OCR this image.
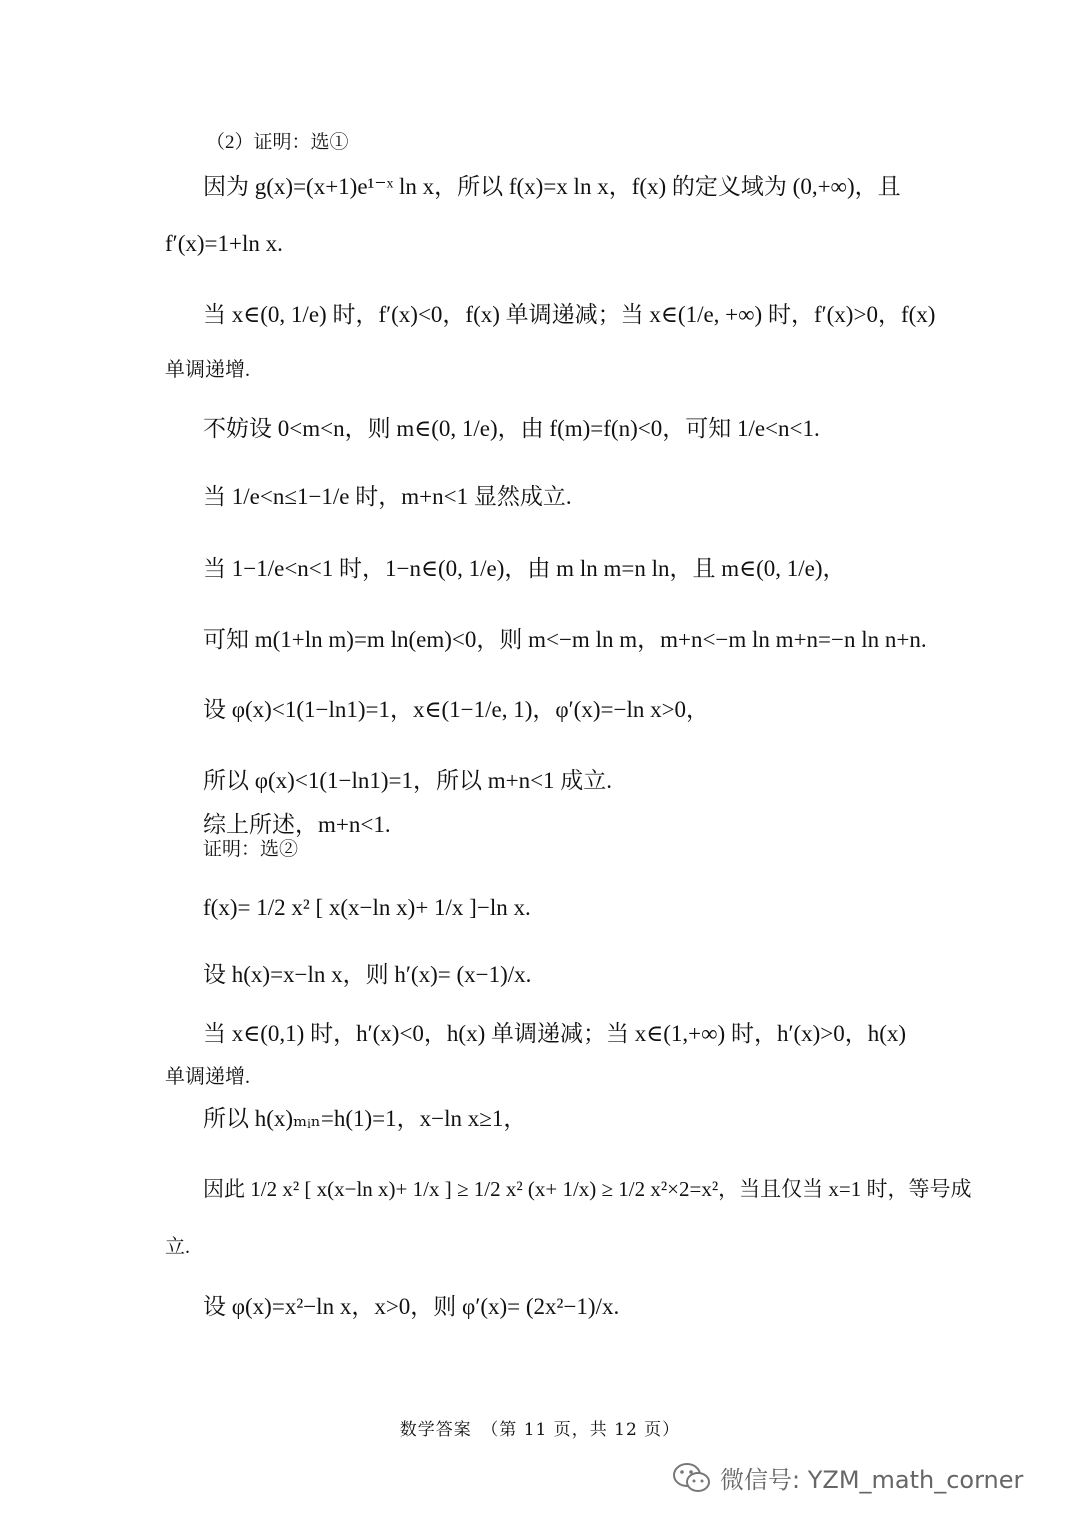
（2）证明：选①
因为 g(x)=(x+1)e¹⁻ˣ ln x，所以 f(x)=x ln x，f(x) 的定义域为 (0,+∞)，且
f′(x)=1+ln x.
当 x∈(0, 1/e) 时，f′(x)<0，f(x) 单调递减；当 x∈(1/e, +∞) 时，f′(x)>0，f(x)
单调递增.
不妨设 0<m<n，则 m∈(0, 1/e)，由 f(m)=f(n)<0，可知 1/e<n<1.
当 1/e<n≤1−1/e 时，m+n<1 显然成立.
当 1−1/e<n<1 时，1−n∈(0, 1/e)，由 m ln m=n ln，且 m∈(0, 1/e)，
可知 m(1+ln m)=m ln(em)<0，则 m<−m ln m，m+n<−m ln m+n=−n ln n+n.
设 φ(x)<1(1−ln1)=1，x∈(1−1/e, 1)，φ′(x)=−ln x>0，
所以 φ(x)<1(1−ln1)=1，所以 m+n<1 成立.
综上所述，m+n<1.
证明：选②
f(x)= 1/2 x² [ x(x−ln x)+ 1/x ]−ln x.
设 h(x)=x−ln x，则 h′(x)= (x−1)/x.
当 x∈(0,1) 时，h′(x)<0，h(x) 单调递减；当 x∈(1,+∞) 时，h′(x)>0，h(x)
单调递增.
所以 h(x)ₘᵢₙ=h(1)=1，x−ln x≥1，
因此 1/2 x² [ x(x−ln x)+ 1/x ] ≥ 1/2 x² (x+ 1/x) ≥ 1/2 x²×2=x²，当且仅当 x=1 时，等号成
立.
设 φ(x)=x²−ln x，x>0，则 φ′(x)= (2x²−1)/x.
数学答案　（第 11 页，共 12 页）
微信号: YZM_math_corner
